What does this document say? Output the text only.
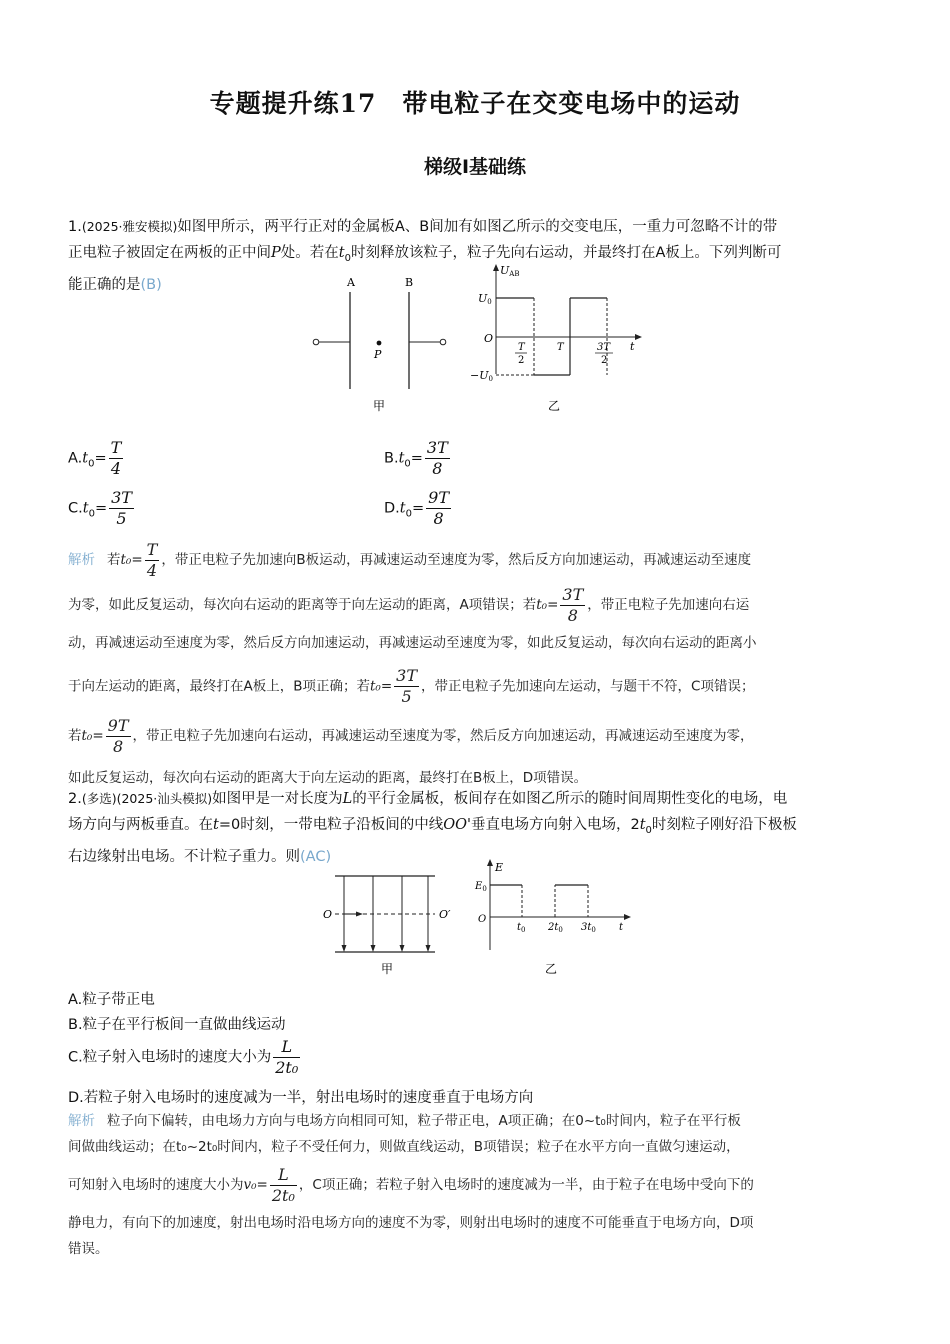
专题提升练17　带电粒子在交变电场中的运动
梯级Ⅰ基础练
1.(2025·雅安模拟)如图甲所示，两平行正对的金属板A、B间加有如图乙所示的交变电压，一重力可忽略不计的带
正电粒子被固定在两板的正中间P处。若在$t_0$时刻释放该粒子，粒子先向右运动，并最终打在A板上。下列判断可
能正确的是(B)	A	B
P
甲
UAB
U0
−U0
O
t
T
2
T	3T
2
乙
$A.t_0= \frac{T}{4}$	$B.t_0= \frac{3T}{8}$
$C.t_0= \frac{3T}{5}$	$D.t_0= \frac{9T}{8}$
解析 若$t_0= \frac{T}{4}$ ，带正电粒子先加速向B板运动，再减速运动至速度为零，然后反方向加速运动，再减速运动至速度
为零，如此反复运动，每次向右运动的距离等于向左运动的距离，A项错误；若$t_0= \frac{3T}{8}$ ，带正电粒子先加速向右运
动，再减速运动至速度为零，然后反方向加速运动，再减速运动至速度为零，如此反复运动，每次向右运动的距离小
于向左运动的距离，最终打在A板上，B项正确；若$t_0= \frac{3T}{5}$ ，带正电粒子先加速向左运动，与题干不符，C项错误；
若$t_0= \frac{9T}{8}$ ，带正电粒子先加速向右运动，再减速运动至速度为零，然后反方向加速运动，再减速运动至速度为零，
如此反复运动，每次向右运动的距离大于向左运动的距离，最终打在B板上，D项错误。
2.(多选)(2025·汕头模拟)如图甲是一对长度为L的平行金属板，板间存在如图乙所示的随时间周期性变化的电场，电
场方向与两板垂直。在t=0时刻，一带电粒子沿板间的中线OO'垂直电场方向射入电场，$2t_0$时刻粒子刚好沿下极板
右边缘射出电场。不计粒子重力。则(AC)
O	O′
甲
E
$E_0$
O
$t_0$ $2t_0$ $3t_0$ t
乙
A.粒子带正电
B.粒子在平行板间一直做曲线运动
C.粒子射入电场时的速度大小为 $\frac{L}{\text{2t₀}}$
D.若粒子射入电场时的速度减为一半，射出电场时的速度垂直于电场方向
解析 粒子向下偏转，由电场力方向与电场方向相同可知，粒子带正电，A项正确；在0~t₀时间内，粒子在平行板
间做曲线运动；在t₀~2t₀时间内，粒子不受任何力，则做直线运动，B项错误；粒子在水平方向一直做匀速运动，
可知射入电场时的速度大小为$v_0= \frac{L}{\text{2t₀}}$ ，C项正确；若粒子射入电场时的速度减为一半，由于粒子在电场中受向下的
静电力，有向下的加速度，射出电场时沿电场方向的速度不为零，则射出电场时的速度不可能垂直于电场方向，D项
错误。
